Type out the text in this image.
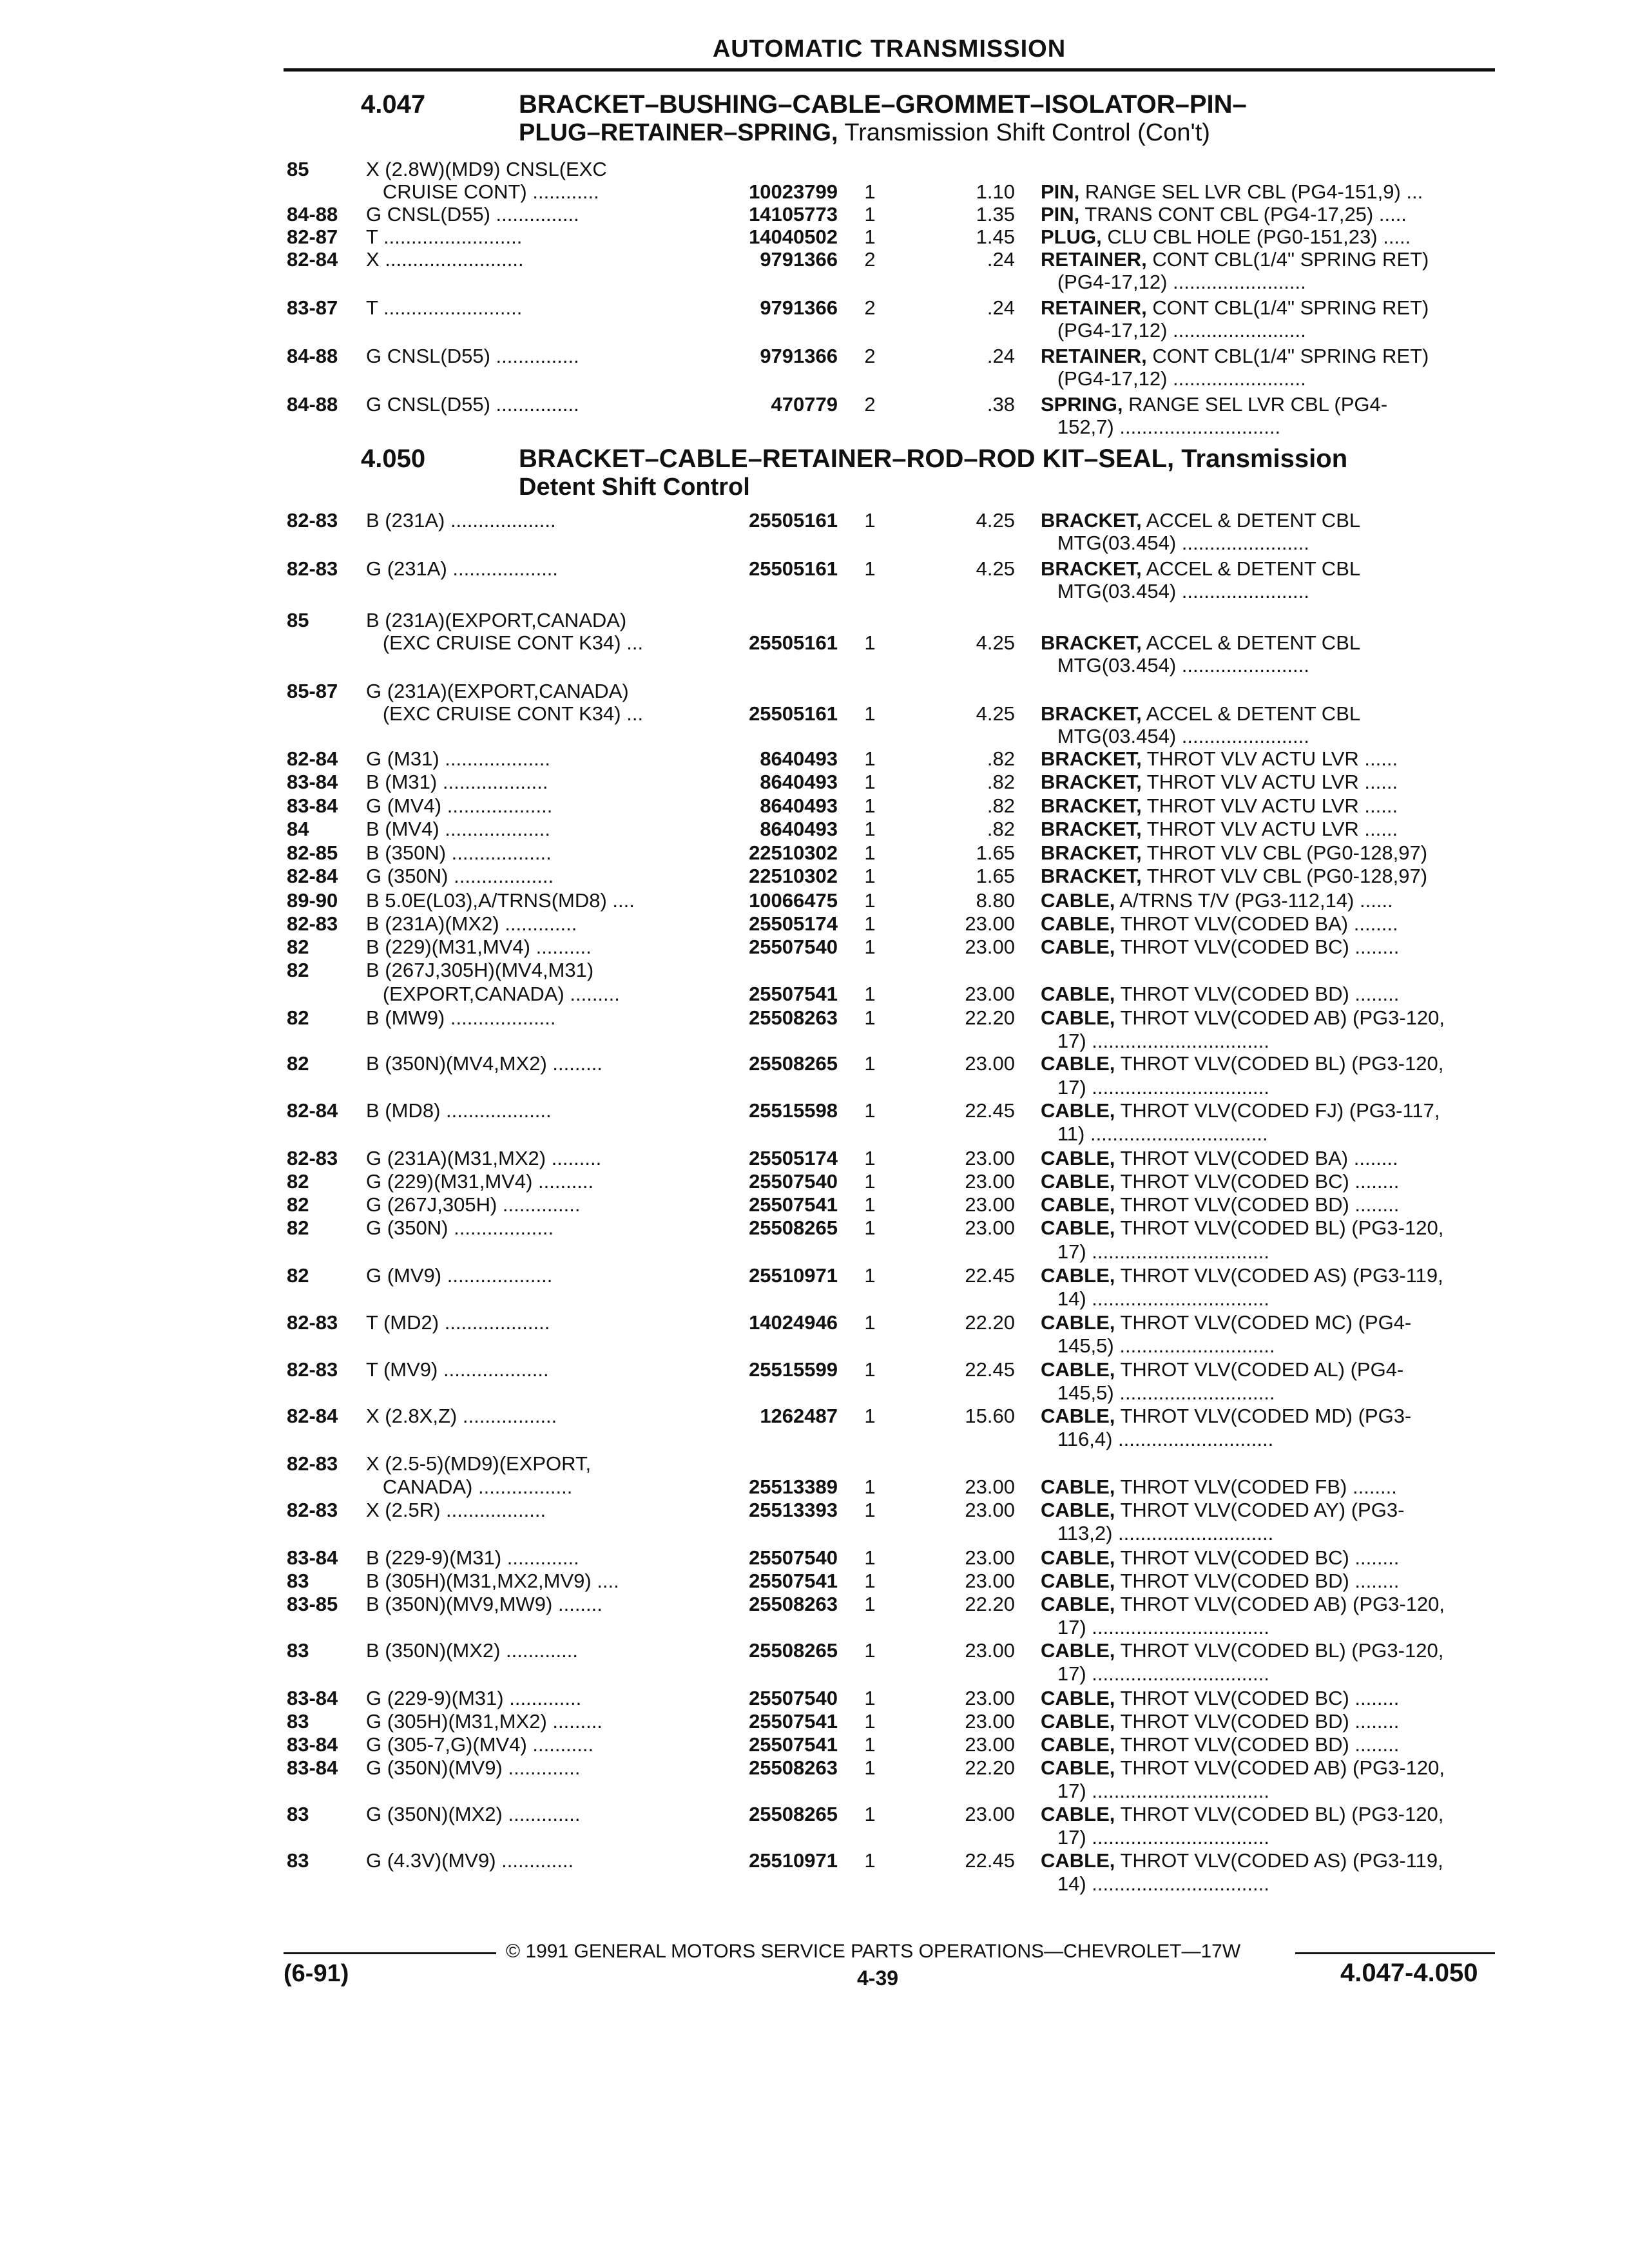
AUTOMATIC TRANSMISSION
4.047	BRACKET–BUSHING–CABLE–GROMMET–ISOLATOR–PIN–
PLUG–RETAINER–SPRING, Transmission Shift Control (Con't)
4.050	BRACKET–CABLE–RETAINER–ROD–ROD KIT–SEAL, Transmission
Detent Shift Control
85	X (2.8W)(MD9) CNSL(EXC
CRUISE CONT) ............	10023799	1	1.10 PIN, RANGE SEL LVR CBL (PG4-151,9) ...
84-88 G CNSL(D55) ...............	14105773	1	1.35 PIN, TRANS CONT CBL (PG4-17,25) .....
82-87 T .........................	14040502	1	1.45 PLUG, CLU CBL HOLE (PG0-151,23) .....
82-84 X .........................	9791366	2	.24 RETAINER, CONT CBL(1/4" SPRING RET)
(PG4-17,12) ........................
83-87 T .........................	9791366	2	.24 RETAINER, CONT CBL(1/4" SPRING RET)
(PG4-17,12) ........................
84-88 G CNSL(D55) ...............	9791366	2	.24 RETAINER, CONT CBL(1/4" SPRING RET)
(PG4-17,12) ........................
84-88 G CNSL(D55) ...............	470779	2	.38 SPRING, RANGE SEL LVR CBL (PG4-
152,7) .............................
82-83 B (231A) ...................	25505161	1	4.25 BRACKET, ACCEL & DETENT CBL
MTG(03.454) .......................
82-83 G (231A) ...................	25505161	1	4.25 BRACKET, ACCEL & DETENT CBL
MTG(03.454) .......................
85	B (231A)(EXPORT,CANADA)
(EXC CRUISE CONT K34) ...	25505161	1	4.25 BRACKET, ACCEL & DETENT CBL
MTG(03.454) .......................
85-87 G (231A)(EXPORT,CANADA)
(EXC CRUISE CONT K34) ...	25505161	1	4.25 BRACKET, ACCEL & DETENT CBL
MTG(03.454) .......................
82-84 G (M31) ...................	8640493	1	.82 BRACKET, THROT VLV ACTU LVR ......
83-84 B (M31) ...................	8640493	1	.82 BRACKET, THROT VLV ACTU LVR ......
83-84 G (MV4) ...................	8640493	1	.82 BRACKET, THROT VLV ACTU LVR ......
84	B (MV4) ...................	8640493	1	.82 BRACKET, THROT VLV ACTU LVR ......
82-85 B (350N) ..................	22510302	1	1.65 BRACKET, THROT VLV CBL (PG0-128,97)
82-84 G (350N) ..................	22510302	1	1.65 BRACKET, THROT VLV CBL (PG0-128,97)
89-90 B 5.0E(L03),A/TRNS(MD8) ....	10066475	1	8.80 CABLE, A/TRNS T/V (PG3-112,14) ......
82-83 B (231A)(MX2) .............	25505174	1	23.00 CABLE, THROT VLV(CODED BA) ........
82	B (229)(M31,MV4) ..........	25507540	1	23.00 CABLE, THROT VLV(CODED BC) ........
82	B (267J,305H)(MV4,M31)
(EXPORT,CANADA) .........	25507541	1	23.00 CABLE, THROT VLV(CODED BD) ........
82	B (MW9) ...................	25508263	1	22.20 CABLE, THROT VLV(CODED AB) (PG3-120,
17) ................................
82	B (350N)(MV4,MX2) .........	25508265	1	23.00 CABLE, THROT VLV(CODED BL) (PG3-120,
17) ................................
82-84 B (MD8) ...................	25515598	1	22.45 CABLE, THROT VLV(CODED FJ) (PG3-117,
11) ................................
82-83 G (231A)(M31,MX2) .........	25505174	1	23.00 CABLE, THROT VLV(CODED BA) ........
82	G (229)(M31,MV4) ..........	25507540	1	23.00 CABLE, THROT VLV(CODED BC) ........
82	G (267J,305H) ..............	25507541	1	23.00 CABLE, THROT VLV(CODED BD) ........
82	G (350N) ..................	25508265	1	23.00 CABLE, THROT VLV(CODED BL) (PG3-120,
17) ................................
82	G (MV9) ...................	25510971	1	22.45 CABLE, THROT VLV(CODED AS) (PG3-119,
14) ................................
82-83 T (MD2) ...................	14024946	1	22.20 CABLE, THROT VLV(CODED MC) (PG4-
145,5) ............................
82-83 T (MV9) ...................	25515599	1	22.45 CABLE, THROT VLV(CODED AL) (PG4-
145,5) ............................
82-84 X (2.8X,Z) .................	1262487	1	15.60 CABLE, THROT VLV(CODED MD) (PG3-
116,4) ............................
82-83 X (2.5-5)(MD9)(EXPORT,
CANADA) .................	25513389	1	23.00 CABLE, THROT VLV(CODED FB) ........
82-83 X (2.5R) ..................	25513393	1	23.00 CABLE, THROT VLV(CODED AY) (PG3-
113,2) ............................
83-84 B (229-9)(M31) .............	25507540	1	23.00 CABLE, THROT VLV(CODED BC) ........
83	B (305H)(M31,MX2,MV9) ....	25507541	1	23.00 CABLE, THROT VLV(CODED BD) ........
83-85 B (350N)(MV9,MW9) ........	25508263	1	22.20 CABLE, THROT VLV(CODED AB) (PG3-120,
17) ................................
83	B (350N)(MX2) .............	25508265	1	23.00 CABLE, THROT VLV(CODED BL) (PG3-120,
17) ................................
83-84 G (229-9)(M31) .............	25507540	1	23.00 CABLE, THROT VLV(CODED BC) ........
83	G (305H)(M31,MX2) .........	25507541	1	23.00 CABLE, THROT VLV(CODED BD) ........
83-84 G (305-7,G)(MV4) ...........	25507541	1	23.00 CABLE, THROT VLV(CODED BD) ........
83-84 G (350N)(MV9) .............	25508263	1	22.20 CABLE, THROT VLV(CODED AB) (PG3-120,
17) ................................
83	G (350N)(MX2) .............	25508265	1	23.00 CABLE, THROT VLV(CODED BL) (PG3-120,
17) ................................
83	G (4.3V)(MV9) .............	25510971	1	22.45 CABLE, THROT VLV(CODED AS) (PG3-119,
14) ................................
© 1991 GENERAL MOTORS SERVICE PARTS OPERATIONS—CHEVROLET—17W
(6-91)	4-39	4.047-4.050
